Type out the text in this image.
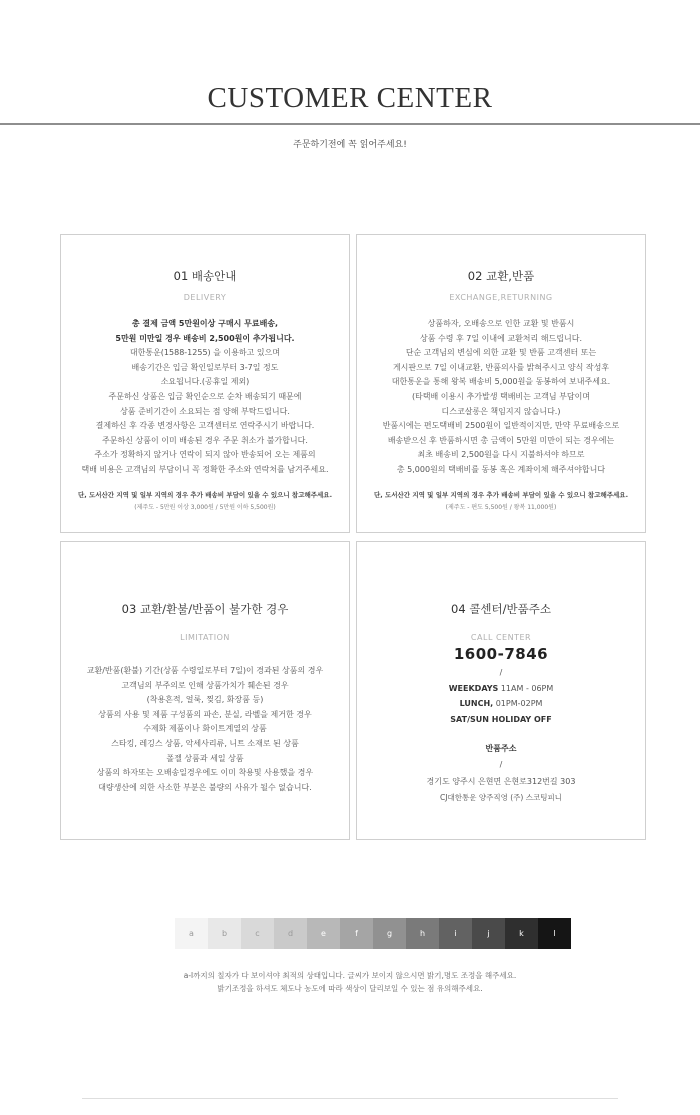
CUSTOMER CENTER
주문하기전에 꼭 읽어주세요!
01 배송안내
DELIVERY
총 결제 금액 5만원이상 구매시 무료배송,
5만원 미만일 경우 배송비 2,500원이 추가됩니다.
대한통운(1588-1255) 을 이용하고 있으며
배송기간은 입금 확인일로부터 3-7일 정도
소요됩니다.(공휴일 제외)
주문하신 상품은 입금 확인순으로 순차 배송되기 때문에
상품 준비기간이 소요되는 점 양해 부탁드립니다.
결제하신 후 각종 변경사항은 고객센터로 연락주시기 바랍니다.
주문하신 상품이 이미 배송된 경우 주문 취소가 불가합니다.
주소가 정확하지 않거나 연락이 되지 않아 반송되어 오는 제품의
택배 비용은 고객님의 부담이니 꼭 정확한 주소와 연락처를 남겨주세요.
단, 도서산간 지역 및 일부 지역의 경우 추가 배송비 부담이 있을 수 있으니 참고해주세요.
(제주도 - 5만원 이상 3,000원 / 5만원 이하 5,500원)
02 교환,반품
EXCHANGE,RETURNING
상품하자, 오배송으로 인한 교환 및 반품시
상품 수령 후 7일 이내에 교환처리 해드립니다.
단순 고객님의 변심에 의한 교환 및 반품 고객센터 또는
게시판으로 7일 이내교환, 반품의사를 밝혀주시고 양식 작성후
대한통운을 통해 왕복 배송비 5,000원을 동봉하여 보내주세요.
(타택배 이용시 추가발생 택배비는 고객님 부담이며
디스코살롱은 책임지지 않습니다.)
반품시에는 편도택배비 2500원이 일반적이지만, 만약 무료배송으로
배송받으신 후 반품하시면 총 금액이 5만원 미만이 되는 경우에는
최초 배송비 2,500원을 다시 지불하셔야 하므로
총 5,000원의 택배비를 동봉 혹은 계좌이체 해주셔야합니다
단, 도서산간 지역 및 일부 지역의 경우 추가 배송비 부담이 있을 수 있으니 참고해주세요.
(제주도 - 편도 5,500원 / 왕복 11,000원)
03 교환/환불/반품이 불가한 경우
LIMITATION
교환/반품(환불) 기간(상품 수령일로부터 7일)이 경과된 상품의 경우
고객님의 부주의로 인해 상품가치가 훼손된 경우
(착용흔적, 얼룩, 찢김, 화장품 등)
상품의 사용 및 제품 구성품의 파손, 분실, 라벨을 제거한 경우
수제화 제품이나 화이트계열의 상품
스타킹, 레깅스 상품, 악세사리류, 니트 소재로 된 상품
폴젤 상품과 세일 상품
상품의 하자또는 오배송일경우에도 이미 착용및 사용했을 경우
대량생산에 의한 사소한 부분은 불량의 사유가 될수 없습니다.
04 콜센터/반품주소
CALL CENTER
1600-7846
/
WEEKDAYS 11AM - 06PM
LUNCH, 01PM-02PM
SAT/SUN HOLIDAY OFF
반품주소
/
경기도 양주시 은현면 은현로312번길 303
CJ대한통운 양주직영 (주) 스코팅피니
a	b	c	d	e	f	g	h	i	j	k	l
a-l까지의 칠자가 다 보이셔야 최적의 상태입니다. 글씨가 보이지 않으시면 밝기,명도 조정을 해주세요.
밝기조정을 하셔도 체도나 농도에 따라 색상이 달리보일 수 있는 점 유의해주세요.
